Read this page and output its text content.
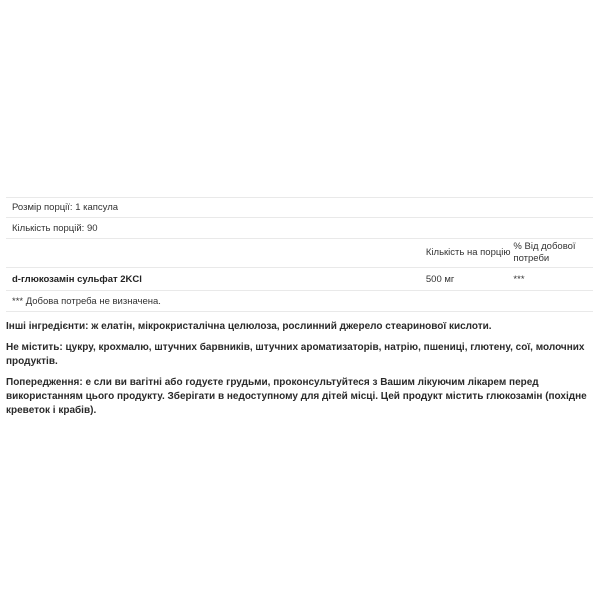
Розмір порції: 1 капсула
Кількість порцій: 90
Кількість на порцію
% Від добової потреби
d-глюкозамін сульфат 2KCl	500 мг	***
*** Добова потреба не визначена.

Інші інгредієнти: ж елатін, мікрокристалічна целюлоза, рослинний джерело стеаринової кислоти.

Не містить: цукру, крохмалю, штучних барвників, штучних ароматизаторів, натрію, пшениці, глютену, сої, молочних продуктів.

Попередження: е сли ви вагітні або годуєте грудьми, проконсультуйтеся з Вашим лікуючим лікарем перед використанням цього продукту. Зберігати в недоступному для дітей місці. Цей продукт містить глюкозамін (похідне креветок і крабів).
